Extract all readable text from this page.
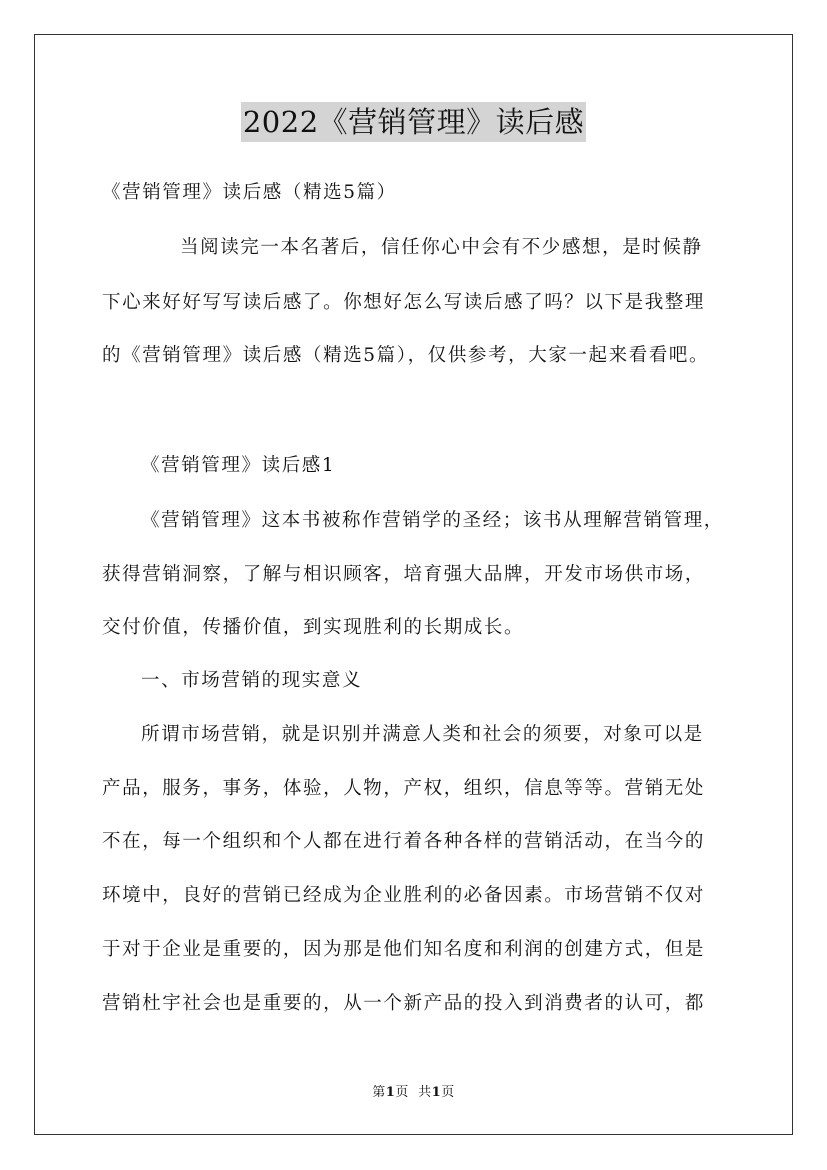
2022《营销管理》读后感
《营销管理》读后感（精选5篇）
当阅读完一本名著后，信任你心中会有不少感想，是时候静
下心来好好写写读后感了。你想好怎么写读后感了吗？以下是我整理
的《营销管理》读后感（精选5篇），仅供参考，大家一起来看看吧。
《营销管理》读后感1
《营销管理》这本书被称作营销学的圣经；该书从理解营销管理，
获得营销洞察，了解与相识顾客，培育强大品牌，开发市场供市场，
交付价值，传播价值，到实现胜利的长期成长。
一、市场营销的现实意义
所谓市场营销，就是识别并满意人类和社会的须要，对象可以是
产品，服务，事务，体验，人物，产权，组织，信息等等。营销无处
不在，每一个组织和个人都在进行着各种各样的营销活动，在当今的
环境中，良好的营销已经成为企业胜利的必备因素。市场营销不仅对
于对于企业是重要的，因为那是他们知名度和利润的创建方式，但是
营销杜宇社会也是重要的，从一个新产品的投入到消费者的认可，都
第1页 共1页
